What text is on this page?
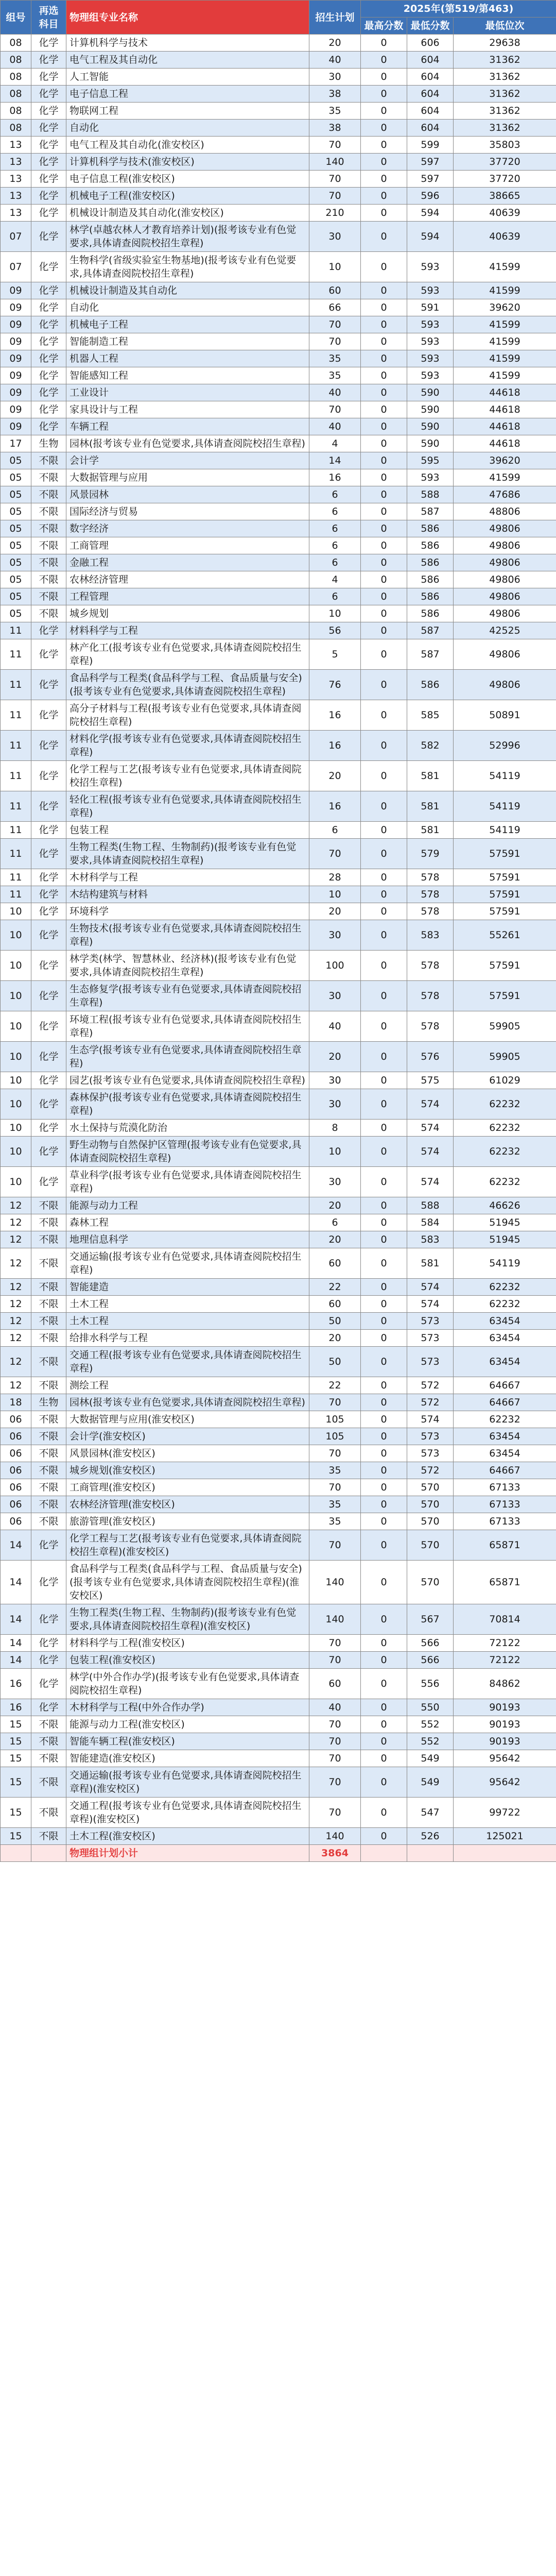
组号	再选科目	物理组专业名称	招生计划	2025年(第519/第463)		
				最高分数	最低分数	最低位次
08	化学	计算机科学与技术	20	0	606	29638
08	化学	电气工程及其自动化	40	0	604	31362
08	化学	人工智能	30	0	604	31362
08	化学	电子信息工程	38	0	604	31362
08	化学	物联网工程	35	0	604	31362
08	化学	自动化	38	0	604	31362
13	化学	电气工程及其自动化(淮安校区)	70	0	599	35803
13	化学	计算机科学与技术(淮安校区)	140	0	597	37720
13	化学	电子信息工程(淮安校区)	70	0	597	37720
13	化学	机械电子工程(淮安校区)	70	0	596	38665
13	化学	机械设计制造及其自动化(淮安校区)	210	0	594	40639
07	化学	林学(卓越农林人才教育培养计划)(报考该专业有色觉要求,具体请查阅院校招生章程)	30	0	594	40639
07	化学	生物科学(省级实验室生物基地)(报考该专业有色觉要求,具体请查阅院校招生章程)	10	0	593	41599
09	化学	机械设计制造及其自动化	60	0	593	41599
09	化学	自动化	66	0	591	39620
09	化学	机械电子工程	70	0	593	41599
09	化学	智能制造工程	70	0	593	41599
09	化学	机器人工程	35	0	593	41599
09	化学	智能感知工程	35	0	593	41599
09	化学	工业设计	40	0	590	44618
09	化学	家具设计与工程	70	0	590	44618
09	化学	车辆工程	40	0	590	44618
17	生物	园林(报考该专业有色觉要求,具体请查阅院校招生章程)	4	0	590	44618
05	不限	会计学	14	0	595	39620
05	不限	大数据管理与应用	16	0	593	41599
05	不限	风景园林	6	0	588	47686
05	不限	国际经济与贸易	6	0	587	48806
05	不限	数字经济	6	0	586	49806
05	不限	工商管理	6	0	586	49806
05	不限	金融工程	6	0	586	49806
05	不限	农林经济管理	4	0	586	49806
05	不限	工程管理	6	0	586	49806
05	不限	城乡规划	10	0	586	49806
11	化学	材料科学与工程	56	0	587	42525
11	化学	林产化工(报考该专业有色觉要求,具体请查阅院校招生章程)	5	0	587	49806
11	化学	食品科学与工程类(食品科学与工程、食品质量与安全)(报考该专业有色觉要求,具体请查阅院校招生章程)	76	0	586	49806
11	化学	高分子材料与工程(报考该专业有色觉要求,具体请查阅院校招生章程)	16	0	585	50891
11	化学	材料化学(报考该专业有色觉要求,具体请查阅院校招生章程)	16	0	582	52996
11	化学	化学工程与工艺(报考该专业有色觉要求,具体请查阅院校招生章程)	20	0	581	54119
11	化学	轻化工程(报考该专业有色觉要求,具体请查阅院校招生章程)	16	0	581	54119
11	化学	包装工程	6	0	581	54119
11	化学	生物工程类(生物工程、生物制药)(报考该专业有色觉要求,具体请查阅院校招生章程)	70	0	579	57591
11	化学	木材科学与工程	28	0	578	57591
11	化学	木结构建筑与材料	10	0	578	57591
10	化学	环境科学	20	0	578	57591
10	化学	生物技术(报考该专业有色觉要求,具体请查阅院校招生章程)	30	0	583	55261
10	化学	林学类(林学、智慧林业、经济林)(报考该专业有色觉要求,具体请查阅院校招生章程)	100	0	578	57591
10	化学	生态修复学(报考该专业有色觉要求,具体请查阅院校招生章程)	30	0	578	57591
10	化学	环境工程(报考该专业有色觉要求,具体请查阅院校招生章程)	40	0	578	59905
10	化学	生态学(报考该专业有色觉要求,具体请查阅院校招生章程)	20	0	576	59905
10	化学	园艺(报考该专业有色觉要求,具体请查阅院校招生章程)	30	0	575	61029
10	化学	森林保护(报考该专业有色觉要求,具体请查阅院校招生章程)	30	0	574	62232
10	化学	水土保持与荒漠化防治	8	0	574	62232
10	化学	野生动物与自然保护区管理(报考该专业有色觉要求,具体请查阅院校招生章程)	10	0	574	62232
10	化学	草业科学(报考该专业有色觉要求,具体请查阅院校招生章程)	30	0	574	62232
12	不限	能源与动力工程	20	0	588	46626
12	不限	森林工程	6	0	584	51945
12	不限	地理信息科学	20	0	583	51945
12	不限	交通运输(报考该专业有色觉要求,具体请查阅院校招生章程)	60	0	581	54119
12	不限	智能建造	22	0	574	62232
12	不限	土木工程	60	0	574	62232
12	不限	土木工程	50	0	573	63454
12	不限	给排水科学与工程	20	0	573	63454
12	不限	交通工程(报考该专业有色觉要求,具体请查阅院校招生章程)	50	0	573	63454
12	不限	测绘工程	22	0	572	64667
18	生物	园林(报考该专业有色觉要求,具体请查阅院校招生章程)	70	0	572	64667
06	不限	大数据管理与应用(淮安校区)	105	0	574	62232
06	不限	会计学(淮安校区)	105	0	573	63454
06	不限	风景园林(淮安校区)	70	0	573	63454
06	不限	城乡规划(淮安校区)	35	0	572	64667
06	不限	工商管理(淮安校区)	70	0	570	67133
06	不限	农林经济管理(淮安校区)	35	0	570	67133
06	不限	旅游管理(淮安校区)	35	0	570	67133
14	化学	化学工程与工艺(报考该专业有色觉要求,具体请查阅院校招生章程)(淮安校区)	70	0	570	65871
14	化学	食品科学与工程类(食品科学与工程、食品质量与安全)(报考该专业有色觉要求,具体请查阅院校招生章程)(淮安校区)	140	0	570	65871
14	化学	生物工程类(生物工程、生物制药)(报考该专业有色觉要求,具体请查阅院校招生章程)(淮安校区)	140	0	567	70814
14	化学	材料科学与工程(淮安校区)	70	0	566	72122
14	化学	包装工程(淮安校区)	70	0	566	72122
16	化学	林学(中外合作办学)(报考该专业有色觉要求,具体请查阅院校招生章程)	60	0	556	84862
16	化学	木材科学与工程(中外合作办学)	40	0	550	90193
15	不限	能源与动力工程(淮安校区)	70	0	552	90193
15	不限	智能车辆工程(淮安校区)	70	0	552	90193
15	不限	智能建造(淮安校区)	70	0	549	95642
15	不限	交通运输(报考该专业有色觉要求,具体请查阅院校招生章程)(淮安校区)	70	0	549	95642
15	不限	交通工程(报考该专业有色觉要求,具体请查阅院校招生章程)(淮安校区)	70	0	547	99722
15	不限	土木工程(淮安校区)	140	0	526	125021
		物理组计划小计	3864			
